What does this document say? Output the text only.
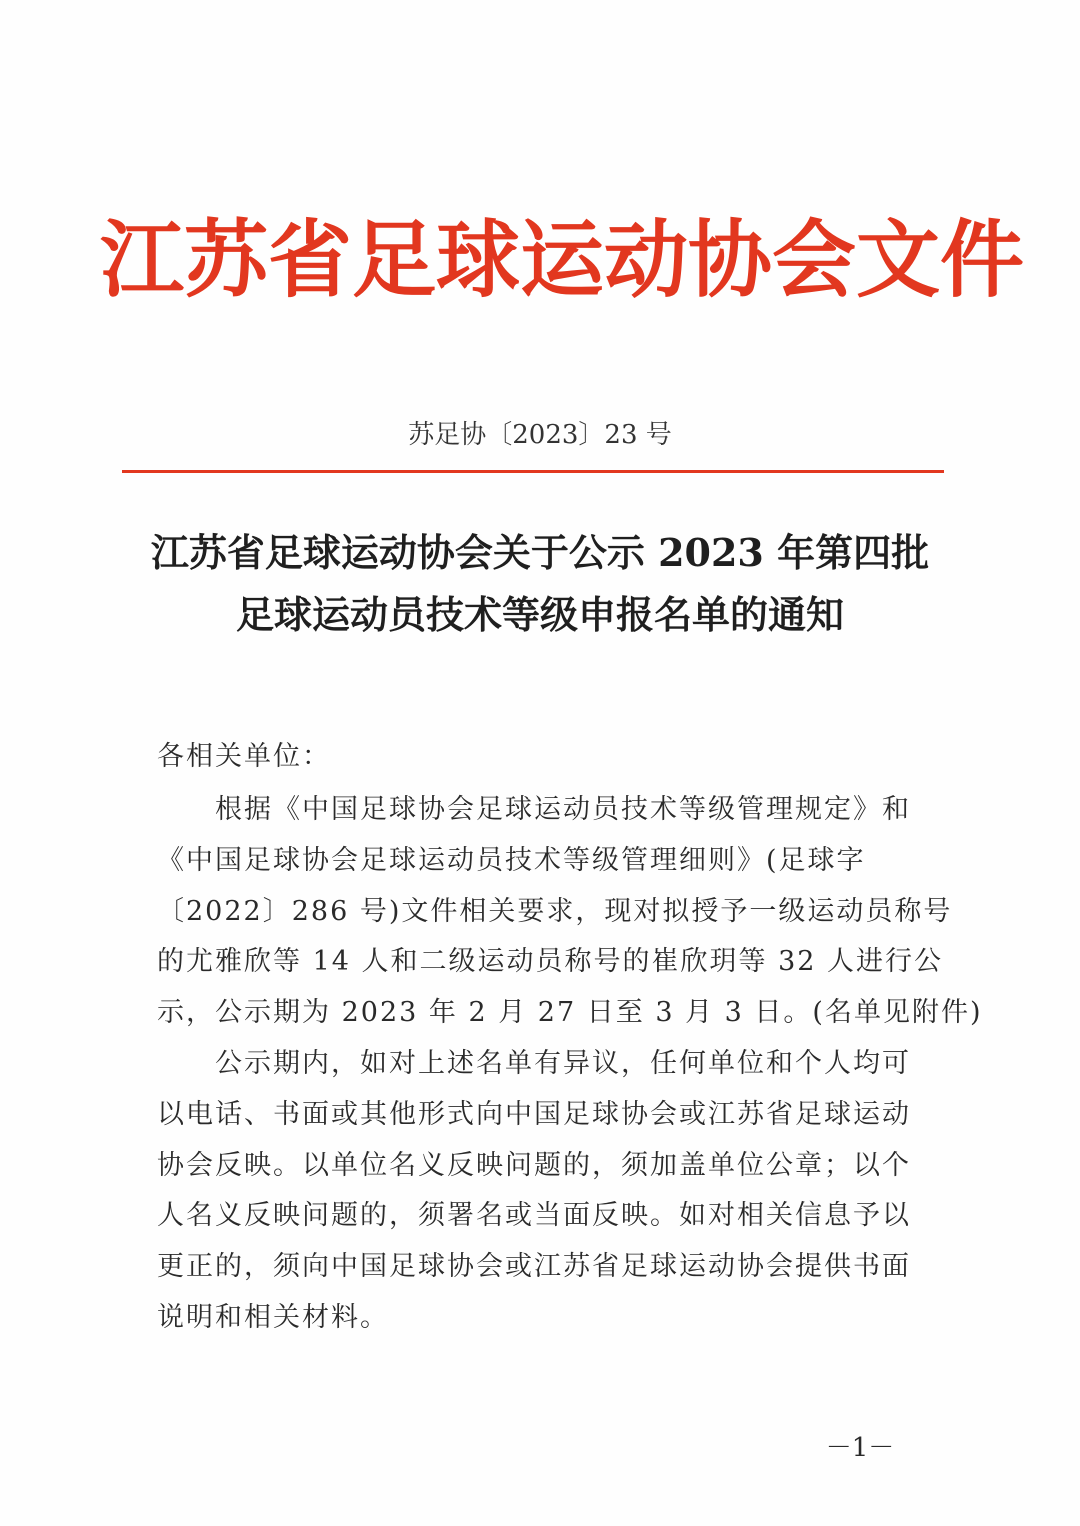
江苏省足球运动协会文件
苏足协〔2023〕23 号
江苏省足球运动协会关于公示 2023 年第四批
足球运动员技术等级申报名单的通知
各相关单位：
根据《中国足球协会足球运动员技术等级管理规定》和
《中国足球协会足球运动员技术等级管理细则》(足球字
〔2022〕286 号)文件相关要求，现对拟授予一级运动员称号
的尤雅欣等 14 人和二级运动员称号的崔欣玥等 32 人进行公
示，公示期为 2023 年 2 月 27 日至 3 月 3 日。(名单见附件)
公示期内，如对上述名单有异议，任何单位和个人均可
以电话、书面或其他形式向中国足球协会或江苏省足球运动
协会反映。以单位名义反映问题的，须加盖单位公章；以个
人名义反映问题的，须署名或当面反映。如对相关信息予以
更正的，须向中国足球协会或江苏省足球运动协会提供书面
说明和相关材料。
－1－
